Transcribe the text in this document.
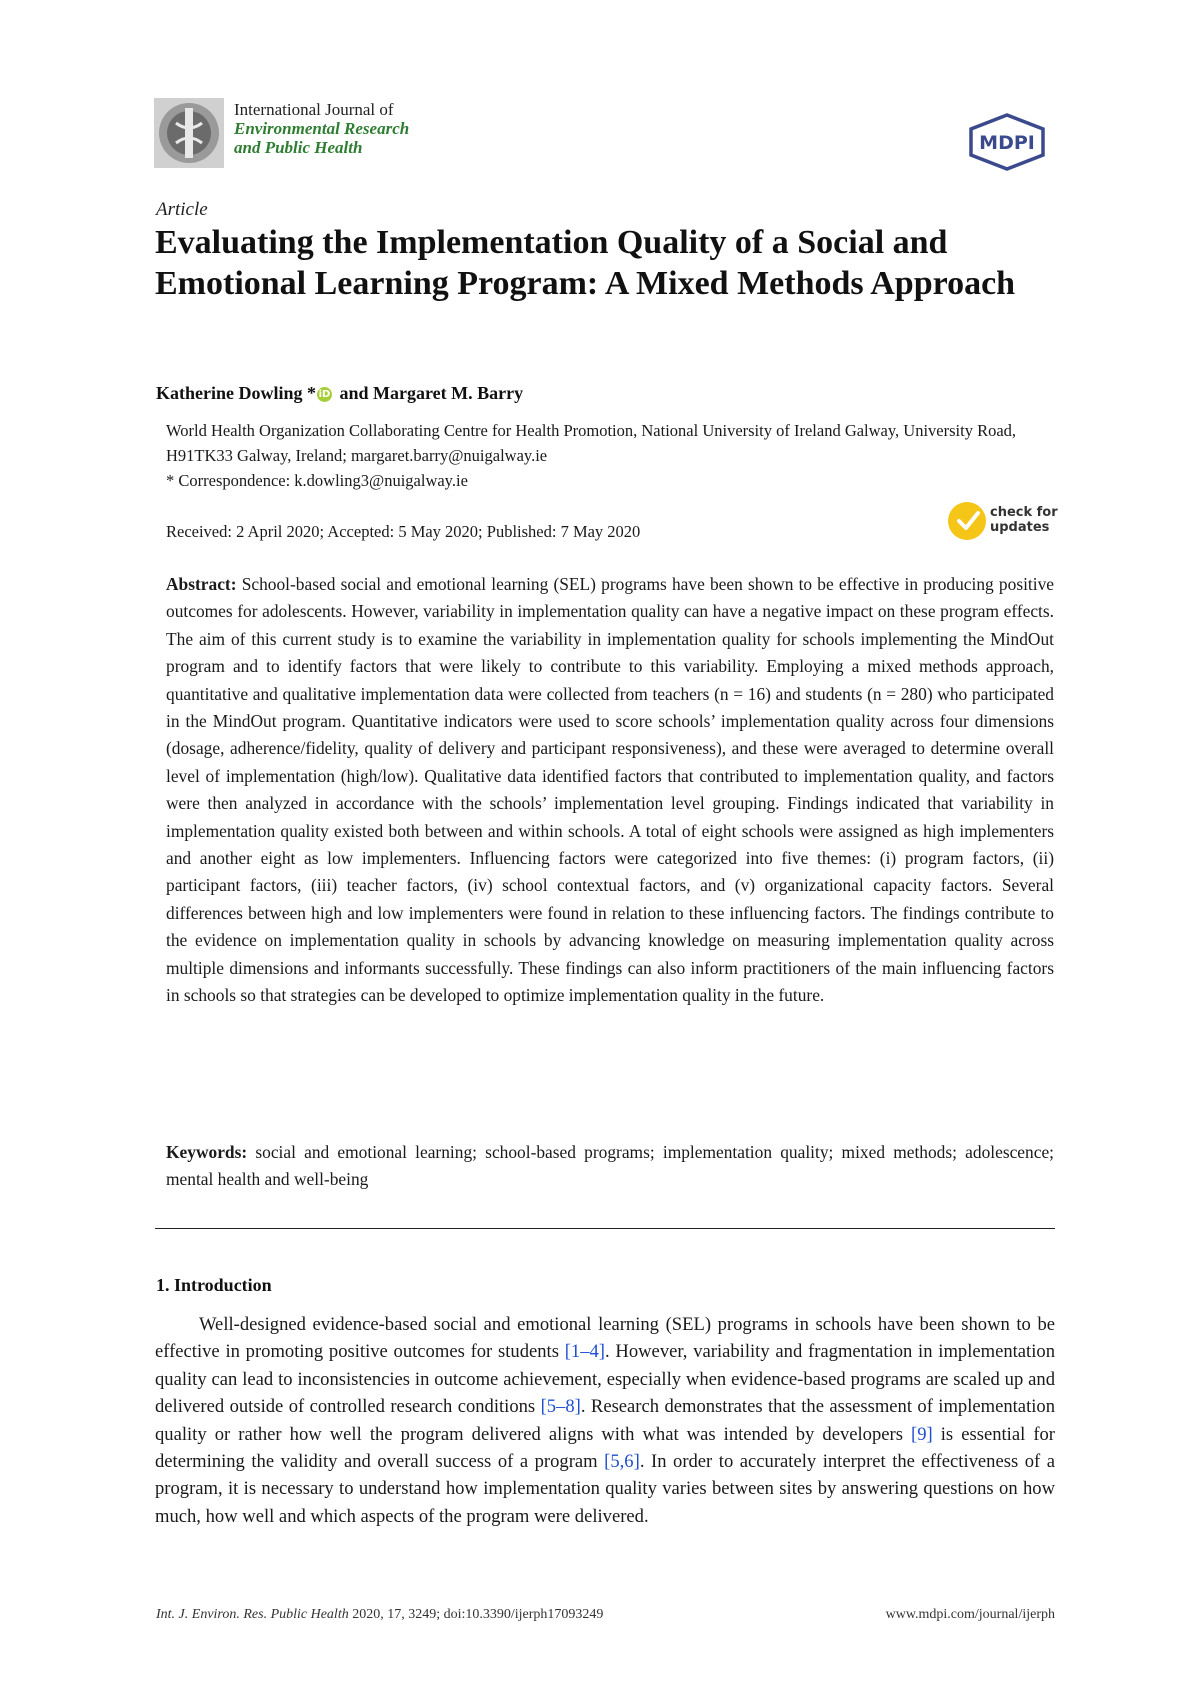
International Journal of
Environmental Research
and Public Health	MDPI
Article
Evaluating the Implementation Quality of a Social and Emotional Learning Program: A Mixed Methods Approach
Katherine Dowling * iD and Margaret M. Barry
World Health Organization Collaborating Centre for Health Promotion, National University of Ireland Galway, University Road, H91TK33 Galway, Ireland; margaret.barry@nuigalway.ie
* Correspondence: k.dowling3@nuigalway.ie
Received: 2 April 2020; Accepted: 5 May 2020; Published: 7 May 2020
check for
updates

Abstract: School-based social and emotional learning (SEL) programs have been shown to be effective in producing positive outcomes for adolescents. However, variability in implementation quality can have a negative impact on these program effects. The aim of this current study is to examine the variability in implementation quality for schools implementing the MindOut program and to identify factors that were likely to contribute to this variability. Employing a mixed methods approach, quantitative and qualitative implementation data were collected from teachers (n = 16) and students (n = 280) who participated in the MindOut program. Quantitative indicators were used to score schools’ implementation quality across four dimensions (dosage, adherence/fidelity, quality of delivery and participant responsiveness), and these were averaged to determine overall level of implementation (high/low). Qualitative data identified factors that contributed to implementation quality, and factors were then analyzed in accordance with the schools’ implementation level grouping. Findings indicated that variability in implementation quality existed both between and within schools. A total of eight schools were assigned as high implementers and another eight as low implementers. Influencing factors were categorized into five themes: (i) program factors, (ii) participant factors, (iii) teacher factors, (iv) school contextual factors, and (v) organizational capacity factors. Several differences between high and low implementers were found in relation to these influencing factors. The findings contribute to the evidence on implementation quality in schools by advancing knowledge on measuring implementation quality across multiple dimensions and informants successfully. These findings can also inform practitioners of the main influencing factors in schools so that strategies can be developed to optimize implementation quality in the future.

Keywords: social and emotional learning; school-based programs; implementation quality; mixed methods; adolescence; mental health and well-being

1. Introduction

Well-designed evidence-based social and emotional learning (SEL) programs in schools have been shown to be effective in promoting positive outcomes for students [1–4]. However, variability and fragmentation in implementation quality can lead to inconsistencies in outcome achievement, especially when evidence-based programs are scaled up and delivered outside of controlled research conditions [5–8]. Research demonstrates that the assessment of implementation quality or rather how well the program delivered aligns with what was intended by developers [9] is essential for determining the validity and overall success of a program [5,6]. In order to accurately interpret the effectiveness of a program, it is necessary to understand how implementation quality varies between sites by answering questions on how much, how well and which aspects of the program were delivered.

Int. J. Environ. Res. Public Health 2020, 17, 3249; doi:10.3390/ijerph17093249	www.mdpi.com/journal/ijerph
